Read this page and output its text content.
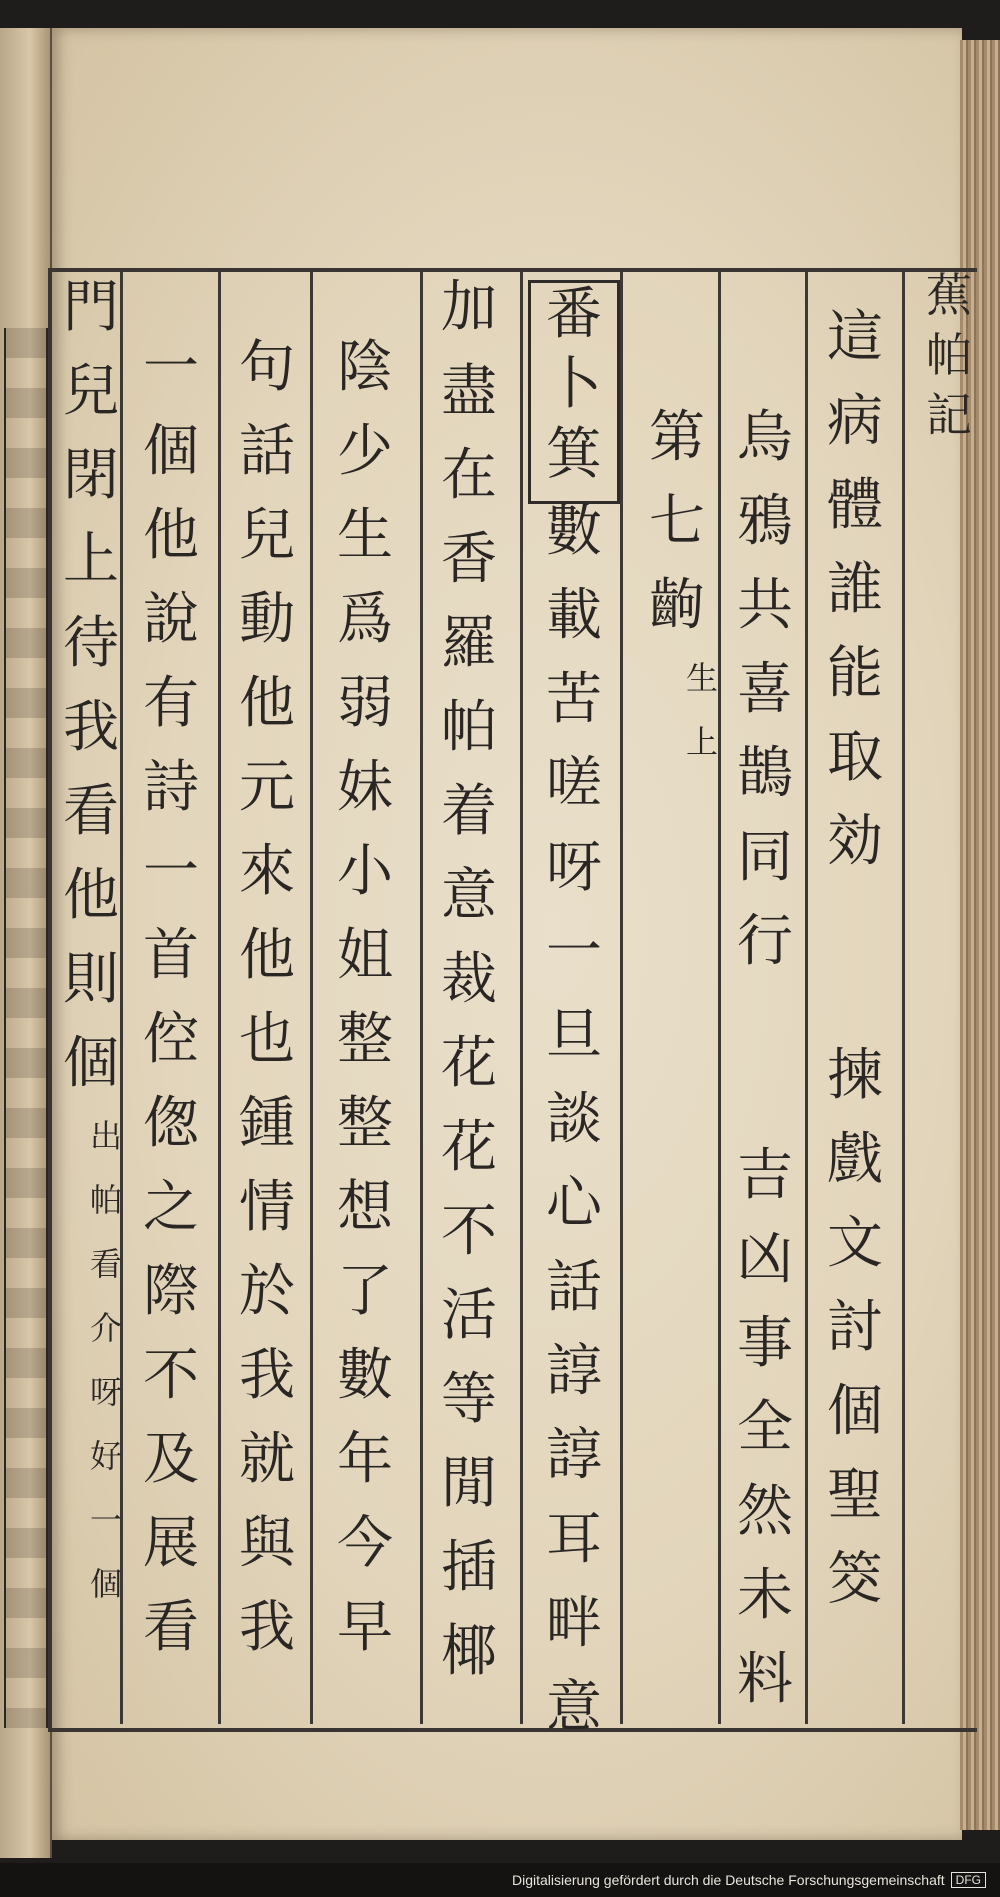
蕉
帕
記
這
病
體
誰
能
取
効
揀
戲
文
討
個
聖
筊
烏
鴉
共
喜
鵲
同
行
吉
凶
事
全
然
未
料
第
七
齣
生
上
番
卜
箕
數
載
苦
嗟
呀
一
旦
談
心
話
諄
諄
耳
畔
意
加
盡
在
香
羅
帕
着
意
裁
花
花
不
活
等
閒
插
椰
陰
少
生
爲
弱
妹
小
姐
整
整
想
了
數
年
今
早
句
話
兒
動
他
元
來
他
也
鍾
情
於
我
就
與
我
一
個
他
說
有
詩
一
首
倥
偬
之
際
不
及
展
看
門
兒
閉
上
待
我
看
他
則
個
出
帕
看
介
呀
好
一
個
Digitalisierung gefördert durch die Deutsche Forschungsgemeinschaft DFG
